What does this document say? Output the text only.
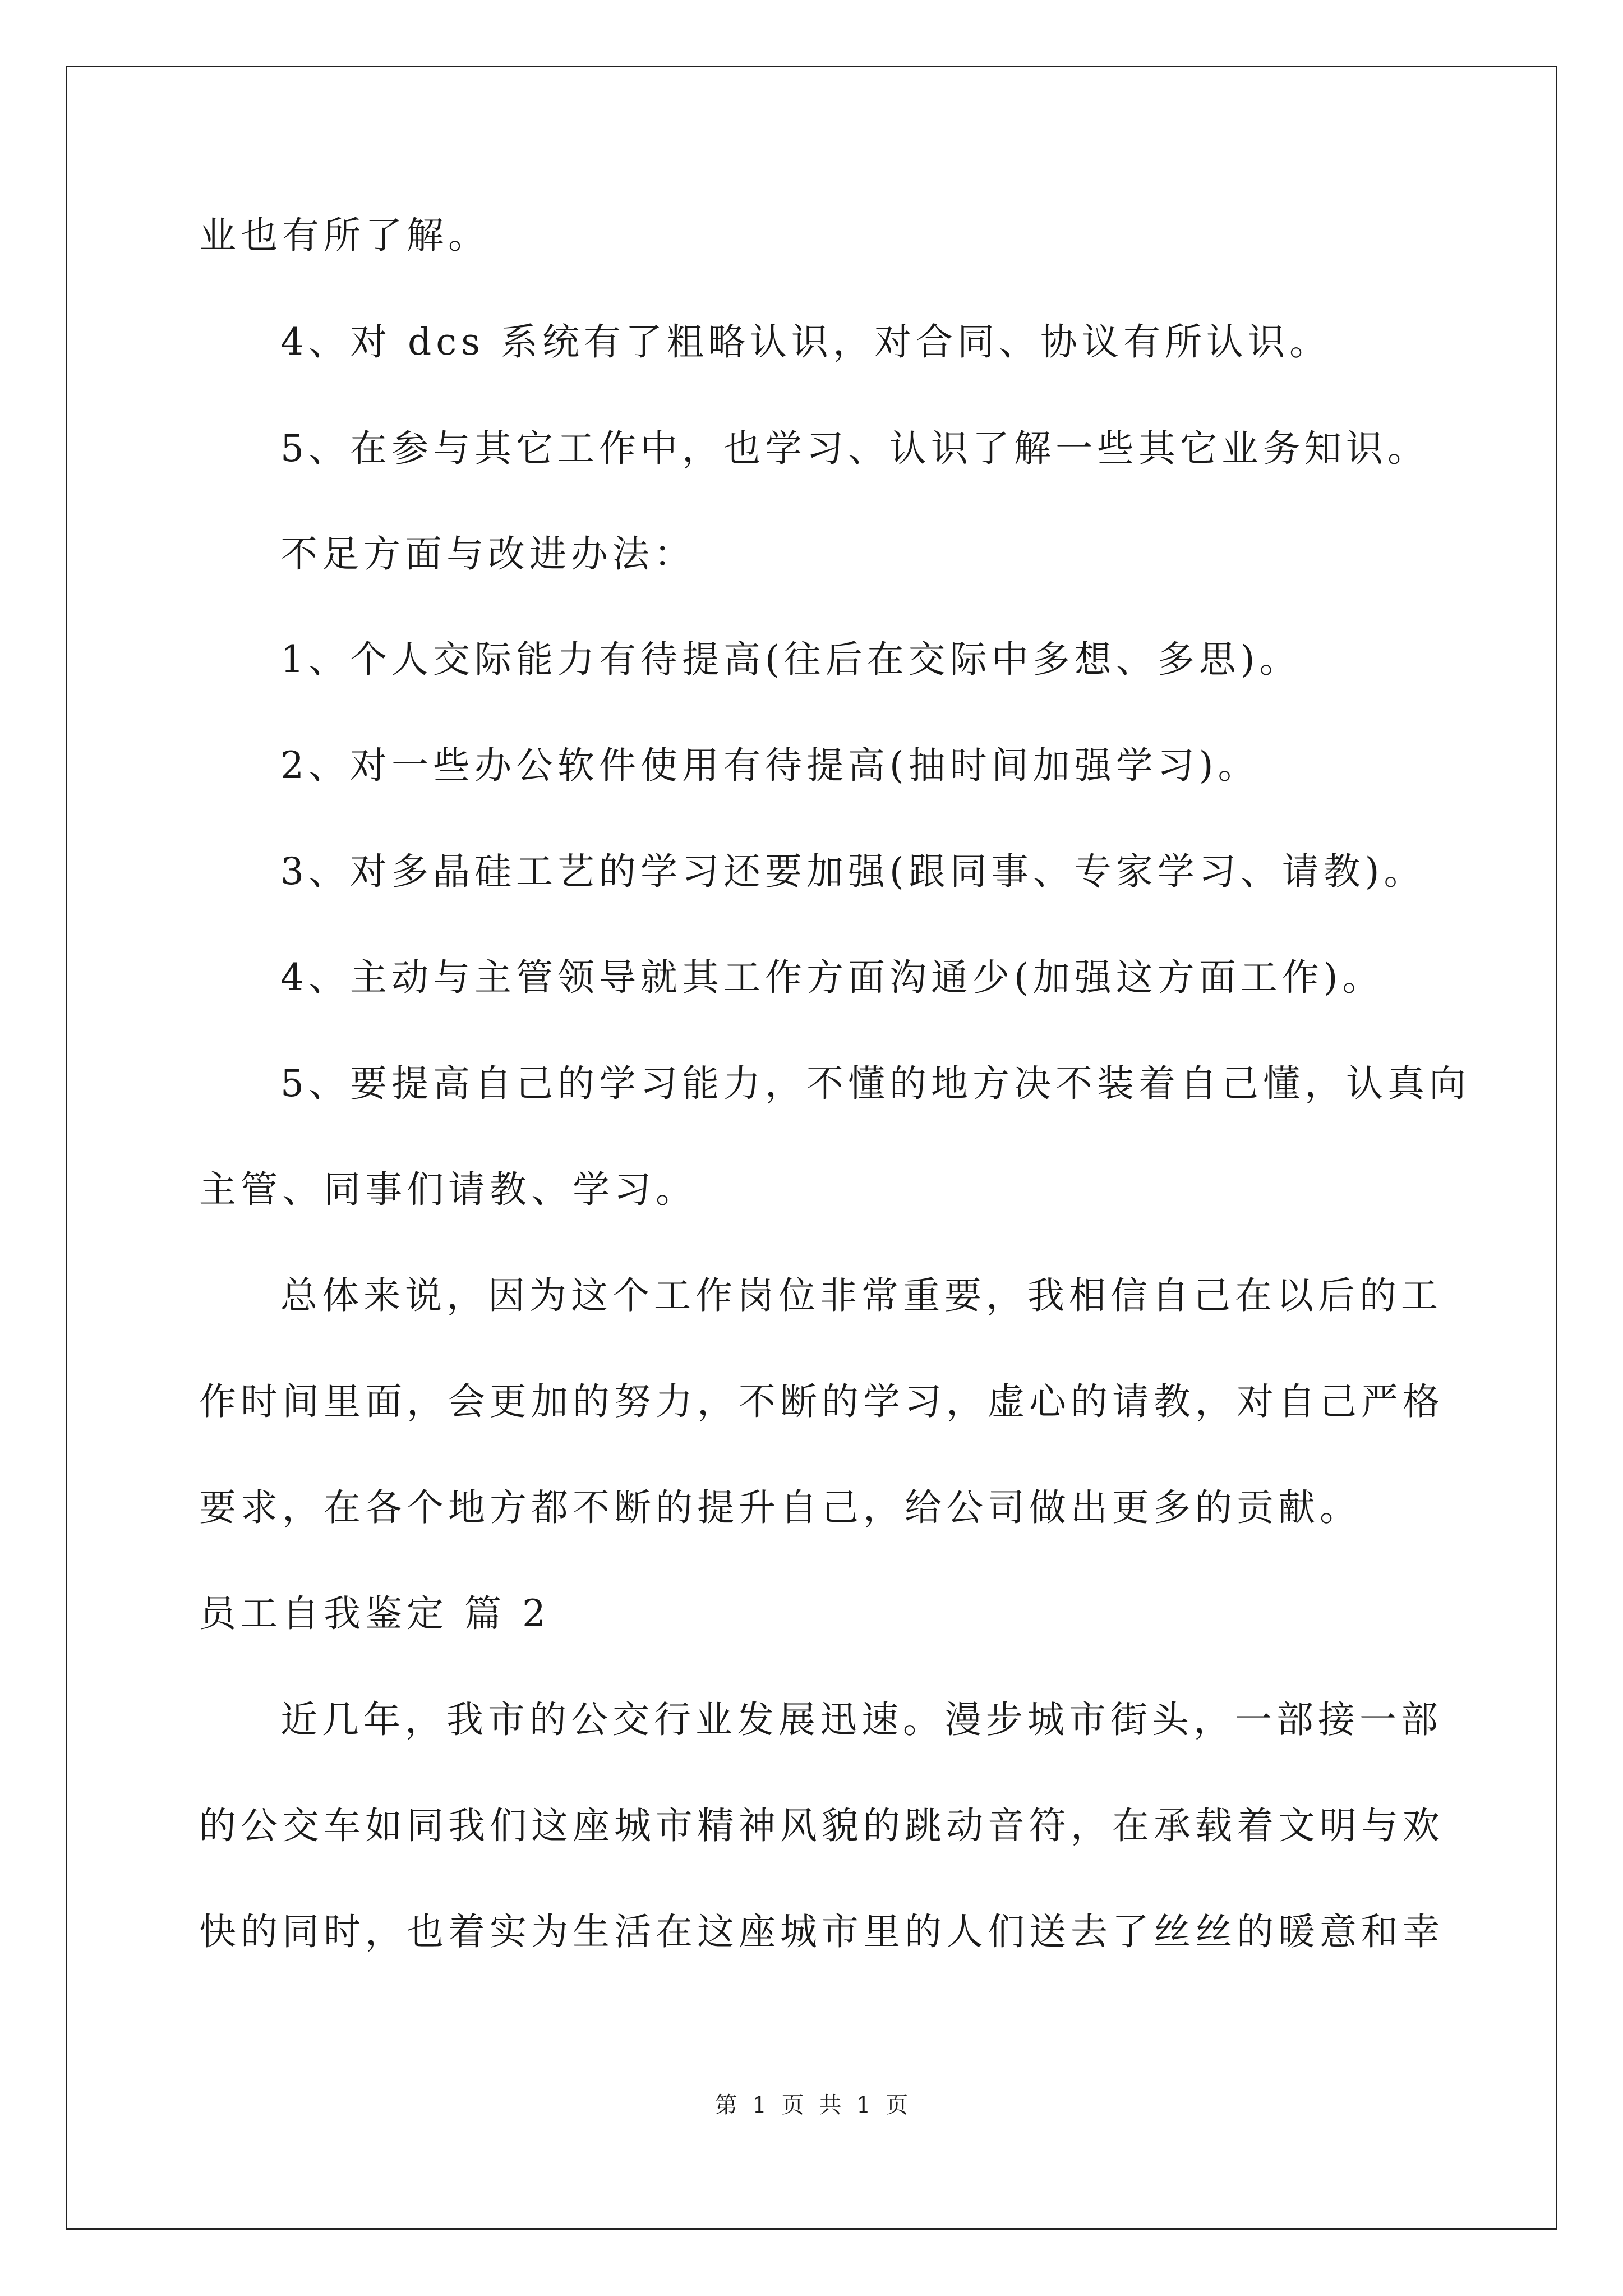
业也有所了解。
4、对 dcs 系统有了粗略认识，对合同、协议有所认识。
5、在参与其它工作中，也学习、认识了解一些其它业务知识。
不足方面与改进办法：
1、个人交际能力有待提高(往后在交际中多想、多思)。
2、对一些办公软件使用有待提高(抽时间加强学习)。
3、对多晶硅工艺的学习还要加强(跟同事、专家学习、请教)。
4、主动与主管领导就其工作方面沟通少(加强这方面工作)。
5、要提高自己的学习能力，不懂的地方决不装着自己懂，认真向
主管、同事们请教、学习。
总体来说，因为这个工作岗位非常重要，我相信自己在以后的工
作时间里面，会更加的努力，不断的学习，虚心的请教，对自己严格
要求，在各个地方都不断的提升自己，给公司做出更多的贡献。
员工自我鉴定 篇 2
近几年，我市的公交行业发展迅速。漫步城市街头，一部接一部
的公交车如同我们这座城市精神风貌的跳动音符，在承载着文明与欢
快的同时，也着实为生活在这座城市里的人们送去了丝丝的暖意和幸
第 1 页 共 1 页
